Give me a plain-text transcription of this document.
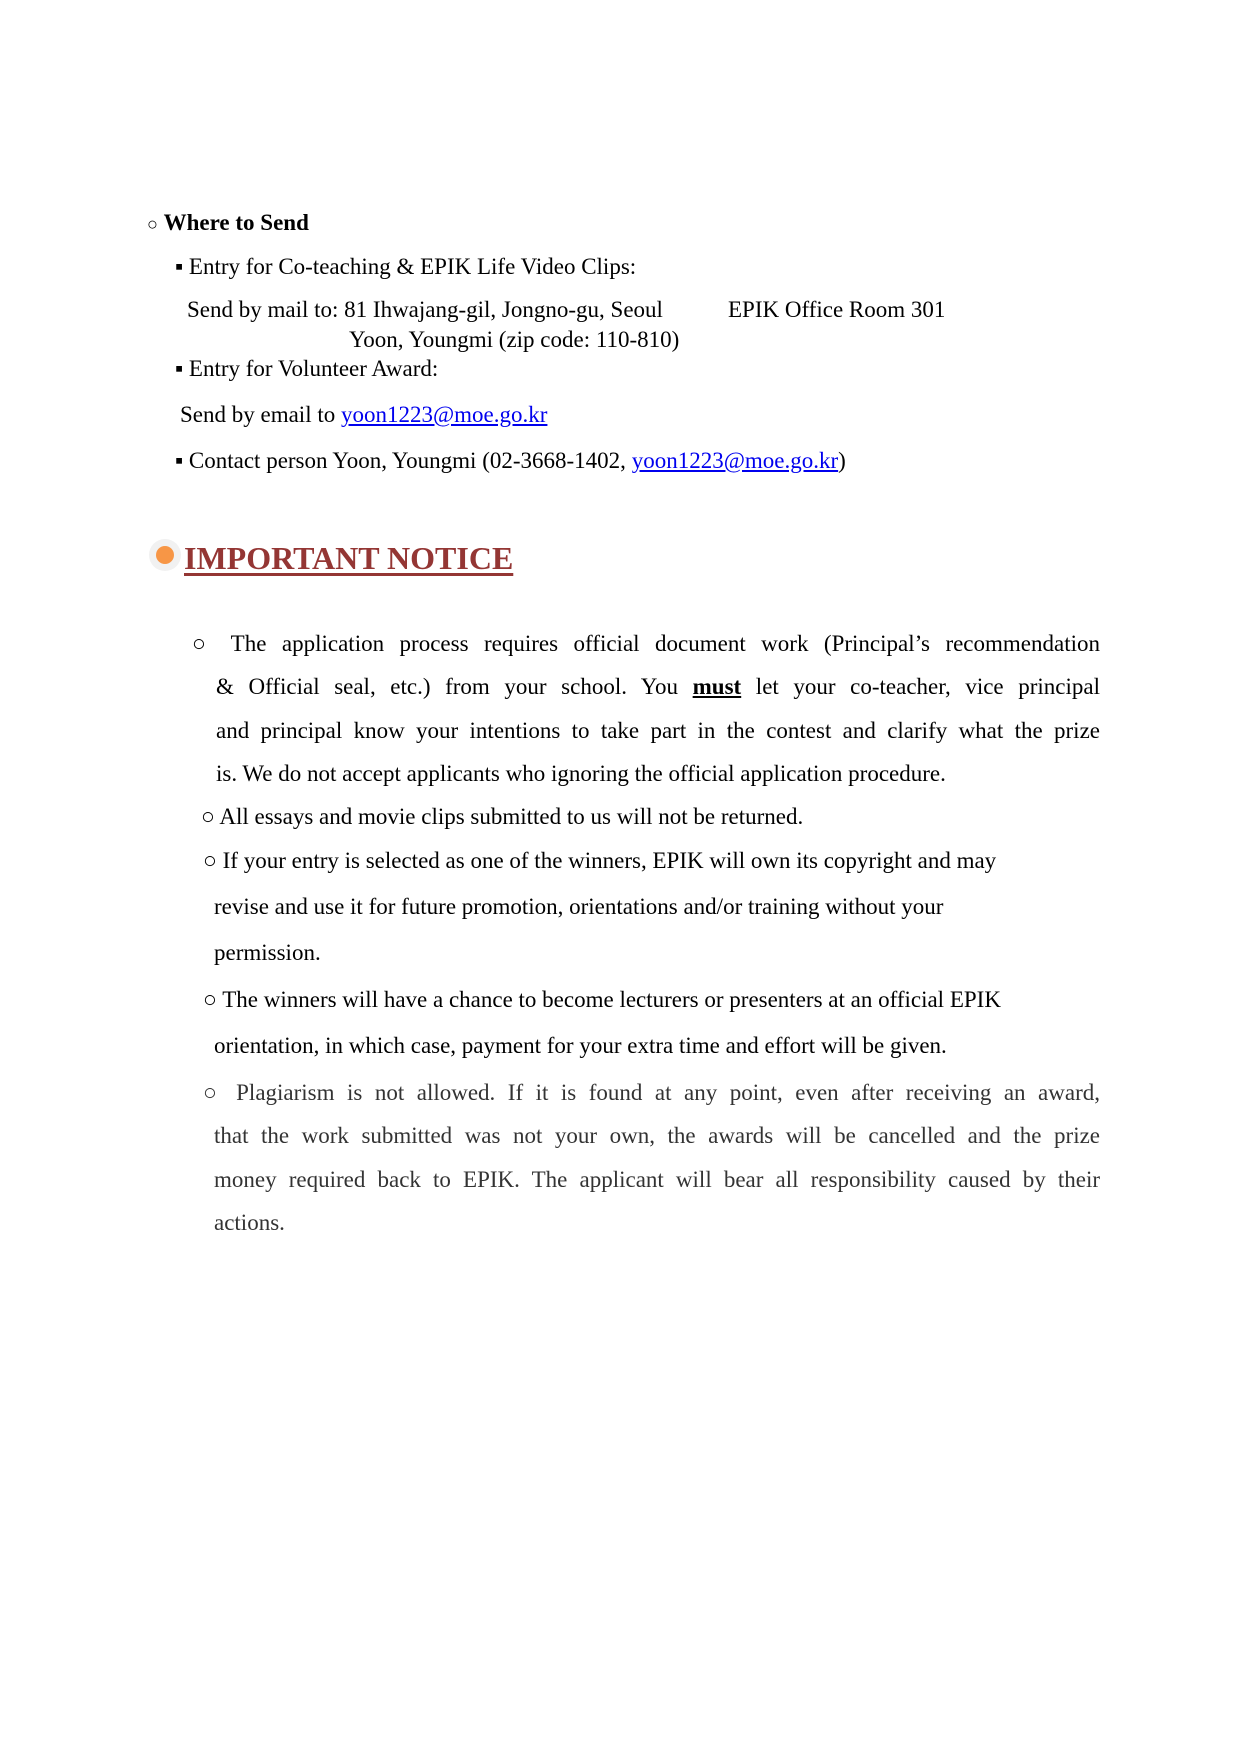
○ Where to Send
▪ Entry for Co-teaching & EPIK Life Video Clips:
Send by mail to: 81 Ihwajang-gil, Jongno-gu, Seoul	EPIK Office Room 301
Yoon, Youngmi (zip code: 110-810)
▪ Entry for Volunteer Award:
Send by email to yoon1223@moe.go.kr
▪ Contact person Yoon, Youngmi (02-3668-1402, yoon1223@moe.go.kr)
IMPORTANT NOTICE
○ The application process requires official document work (Principal’s recommendation
& Official seal, etc.) from your school. You must let your co-teacher, vice principal
and principal know your intentions to take part in the contest and clarify what the prize
is. We do not accept applicants who ignoring the official application procedure.
○ All essays and movie clips submitted to us will not be returned.
○ If your entry is selected as one of the winners, EPIK will own its copyright and may
revise and use it for future promotion, orientations and/or training without your
permission.
○ The winners will have a chance to become lecturers or presenters at an official EPIK
orientation, in which case, payment for your extra time and effort will be given.
○ Plagiarism is not allowed. If it is found at any point, even after receiving an award,
that the work submitted was not your own, the awards will be cancelled and the prize
money required back to EPIK. The applicant will bear all responsibility caused by their
actions.
